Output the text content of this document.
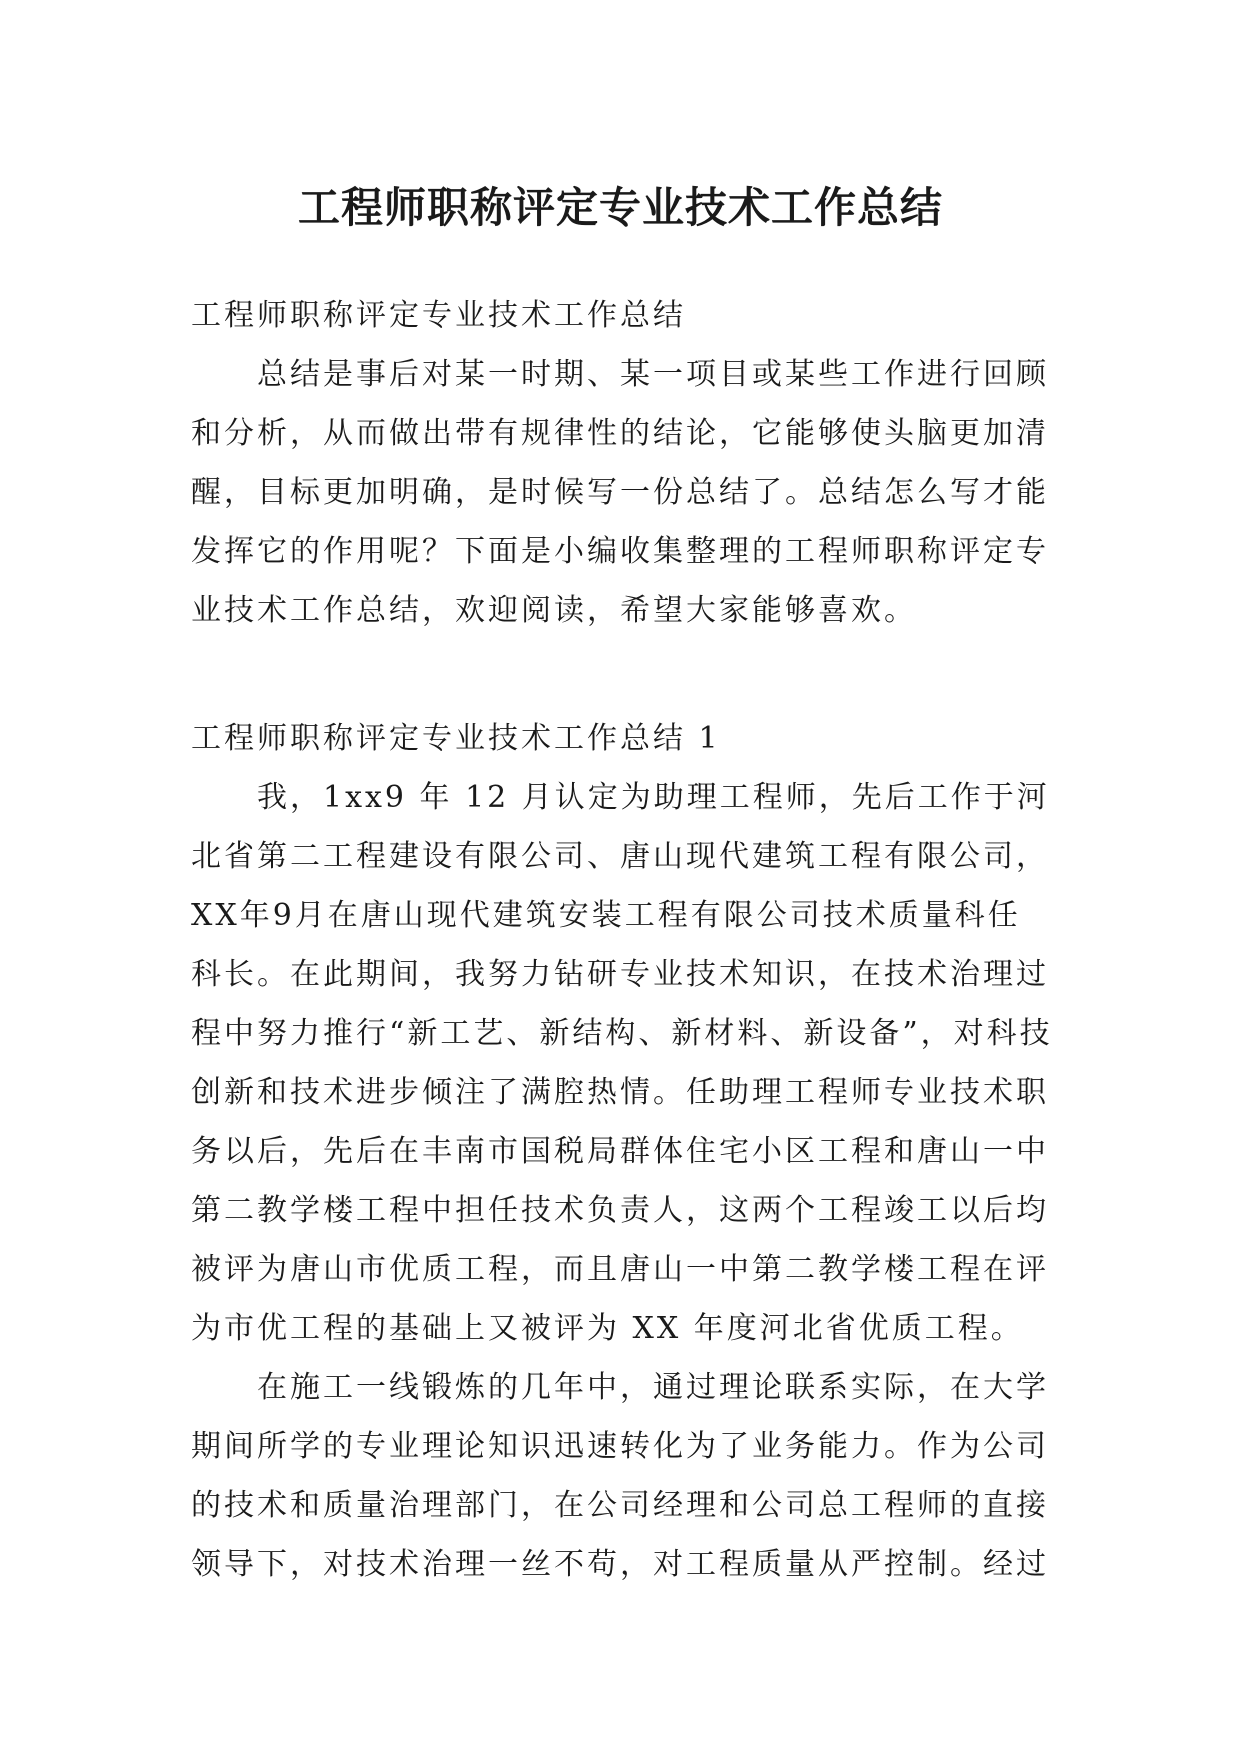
工程师职称评定专业技术工作总结

工程师职称评定专业技术工作总结

总结是事后对某一时期、某一项目或某些工作进行回顾和分析，从而做出带有规律性的结论，它能够使头脑更加清醒，目标更加明确，是时候写一份总结了。总结怎么写才能发挥它的作用呢？下面是小编收集整理的工程师职称评定专业技术工作总结，欢迎阅读，希望大家能够喜欢。

工程师职称评定专业技术工作总结 1

我，1xx9 年 12 月认定为助理工程师，先后工作于河北省第二工程建设有限公司、唐山现代建筑工程有限公司，XX年9月在唐山现代建筑安装工程有限公司技术质量科任科长。在此期间，我努力钻研专业技术知识，在技术治理过程中努力推行“新工艺、新结构、新材料、新设备”，对科技创新和技术进步倾注了满腔热情。任助理工程师专业技术职务以后，先后在丰南市国税局群体住宅小区工程和唐山一中第二教学楼工程中担任技术负责人，这两个工程竣工以后均被评为唐山市优质工程，而且唐山一中第二教学楼工程在评为市优工程的基础上又被评为 XX 年度河北省优质工程。

在施工一线锻炼的几年中，通过理论联系实际，在大学期间所学的专业理论知识迅速转化为了业务能力。作为公司的技术和质量治理部门，在公司经理和公司总工程师的直接领导下，对技术治理一丝不苟，对工程质量从严控制。经过
